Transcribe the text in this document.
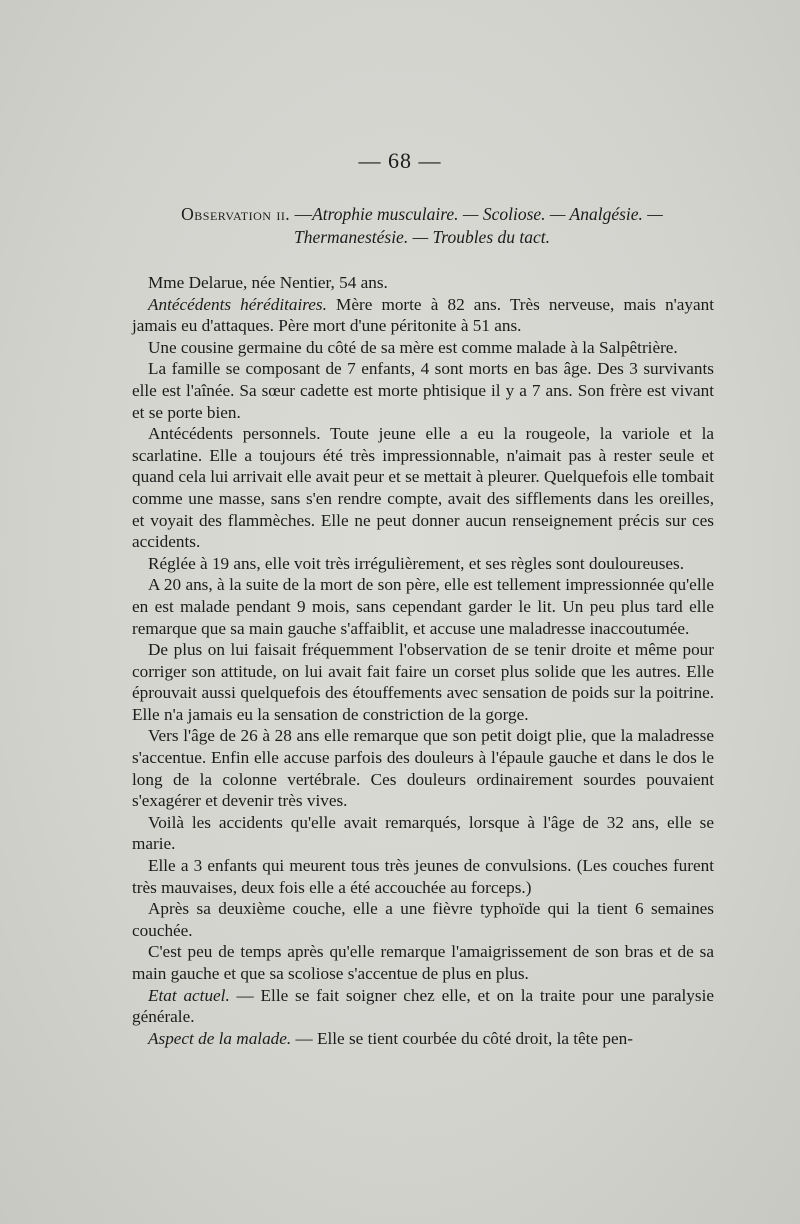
— 68 —
Observation ii. —Atrophie musculaire. — Scoliose. — Analgésie. — Thermanestésie. — Troubles du tact.

Mme Delarue, née Nentier, 54 ans.

Antécédents héréditaires. Mère morte à 82 ans. Très nerveuse, mais n'ayant jamais eu d'attaques. Père mort d'une péritonite à 51 ans.

Une cousine germaine du côté de sa mère est comme malade à la Salpêtrière.

La famille se composant de 7 enfants, 4 sont morts en bas âge. Des 3 survivants elle est l'aînée. Sa sœur cadette est morte phtisique il y a 7 ans. Son frère est vivant et se porte bien.

Antécédents personnels. Toute jeune elle a eu la rougeole, la variole et la scarlatine. Elle a toujours été très impressionnable, n'aimait pas à rester seule et quand cela lui arrivait elle avait peur et se mettait à pleurer. Quelquefois elle tombait comme une masse, sans s'en rendre compte, avait des sifflements dans les oreilles, et voyait des flammèches. Elle ne peut donner aucun renseignement précis sur ces accidents.

Réglée à 19 ans, elle voit très irrégulièrement, et ses règles sont douloureuses.

A 20 ans, à la suite de la mort de son père, elle est tellement impressionnée qu'elle en est malade pendant 9 mois, sans cependant garder le lit. Un peu plus tard elle remarque que sa main gauche s'affaiblit, et accuse une maladresse inaccoutumée.

De plus on lui faisait fréquemment l'observation de se tenir droite et même pour corriger son attitude, on lui avait fait faire un corset plus solide que les autres. Elle éprouvait aussi quelquefois des étouffements avec sensation de poids sur la poitrine. Elle n'a jamais eu la sensation de constriction de la gorge.

Vers l'âge de 26 à 28 ans elle remarque que son petit doigt plie, que la maladresse s'accentue. Enfin elle accuse parfois des douleurs à l'épaule gauche et dans le dos le long de la colonne vertébrale. Ces douleurs ordinairement sourdes pouvaient s'exagérer et devenir très vives.

Voilà les accidents qu'elle avait remarqués, lorsque à l'âge de 32 ans, elle se marie.

Elle a 3 enfants qui meurent tous très jeunes de convulsions. (Les couches furent très mauvaises, deux fois elle a été accouchée au forceps.)

Après sa deuxième couche, elle a une fièvre typhoïde qui la tient 6 semaines couchée.

C'est peu de temps après qu'elle remarque l'amaigrissement de son bras et de sa main gauche et que sa scoliose s'accentue de plus en plus.

Etat actuel. — Elle se fait soigner chez elle, et on la traite pour une paralysie générale.

Aspect de la malade. — Elle se tient courbée du côté droit, la tête pen-
